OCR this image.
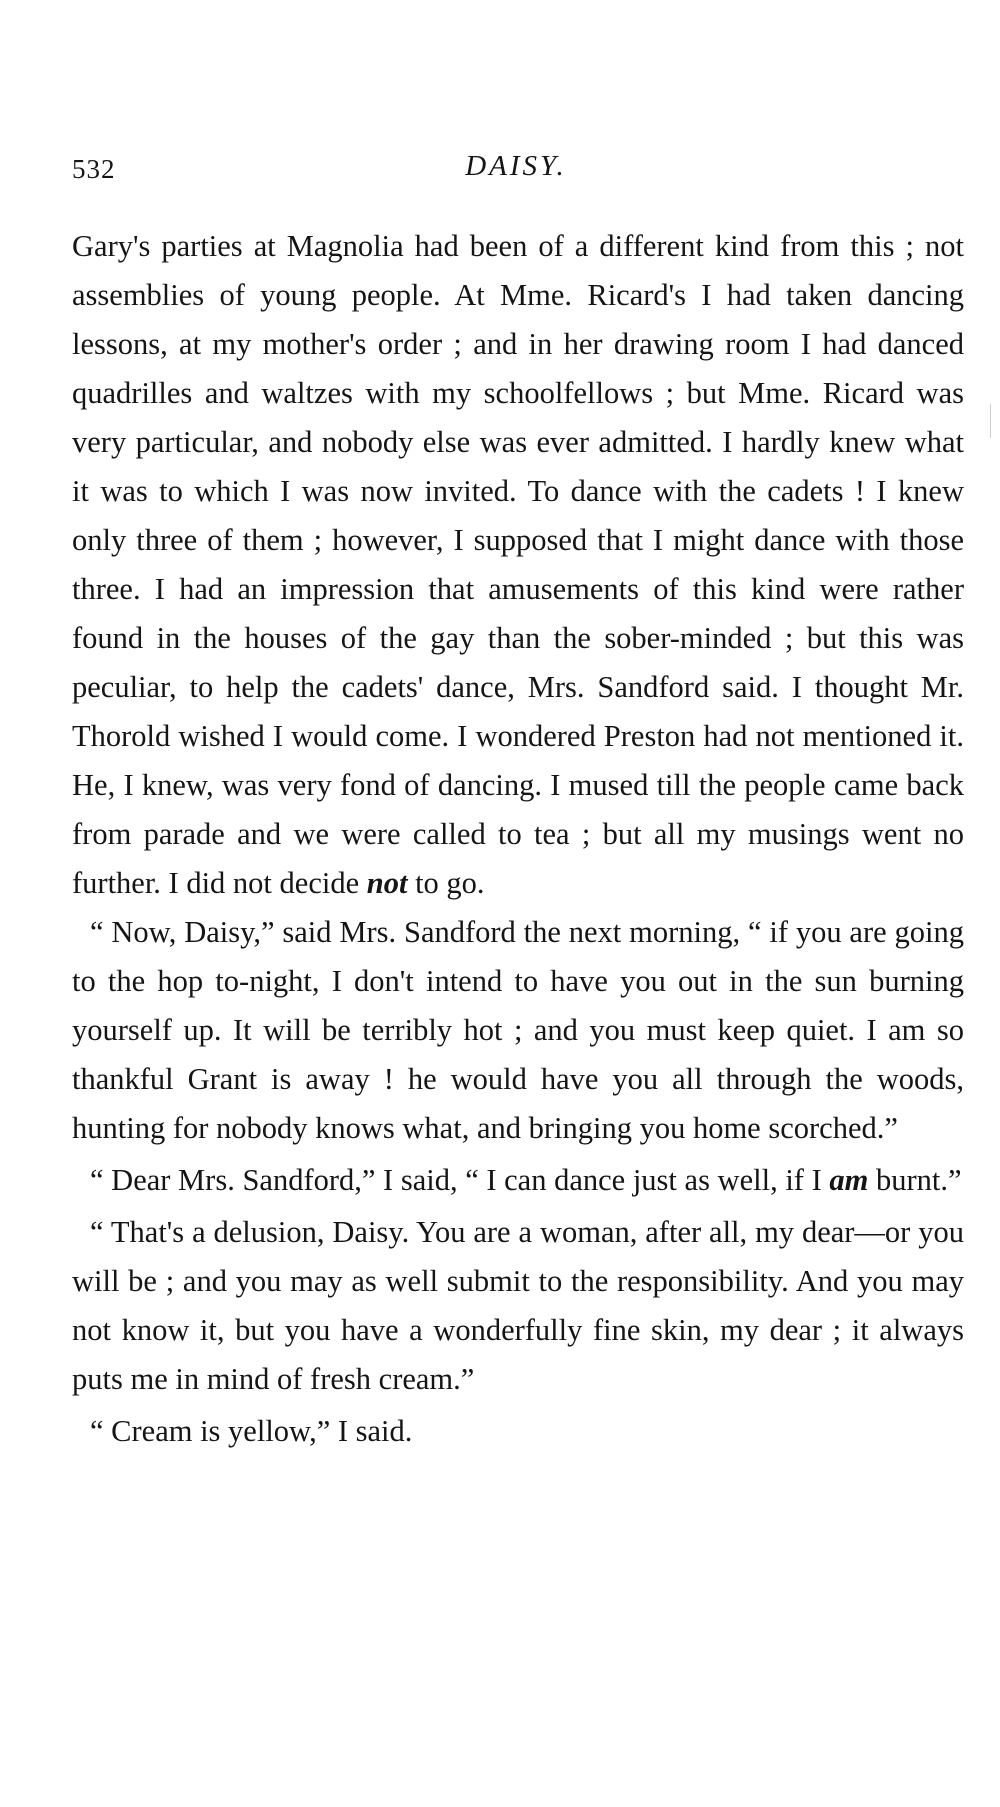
532	DAISY.

Gary's parties at Magnolia had been of a different kind from this ; not assemblies of young people. At Mme. Ricard's I had taken dancing lessons, at my mother's order ; and in her drawing room I had danced quadrilles and waltzes with my schoolfellows ; but Mme. Ricard was very particular, and nobody else was ever admitted. I hardly knew what it was to which I was now invited. To dance with the cadets ! I knew only three of them ; however, I supposed that I might dance with those three. I had an impression that amusements of this kind were rather found in the houses of the gay than the sober-minded ; but this was peculiar, to help the cadets' dance, Mrs. Sandford said. I thought Mr. Thorold wished I would come. I wondered Preston had not mentioned it. He, I knew, was very fond of dancing. I mused till the people came back from parade and we were called to tea ; but all my musings went no further. I did not decide not to go.

“ Now, Daisy,” said Mrs. Sandford the next morning, “ if you are going to the hop to-night, I don't intend to have you out in the sun burning yourself up. It will be terribly hot ; and you must keep quiet. I am so thankful Grant is away ! he would have you all through the woods, hunting for nobody knows what, and bringing you home scorched.”

“ Dear Mrs. Sandford,” I said, “ I can dance just as well, if I am burnt.”

“ That's a delusion, Daisy. You are a woman, after all, my dear—or you will be ; and you may as well submit to the responsibility. And you may not know it, but you have a wonderfully fine skin, my dear ; it always puts me in mind of fresh cream.”

“ Cream is yellow,” I said.
